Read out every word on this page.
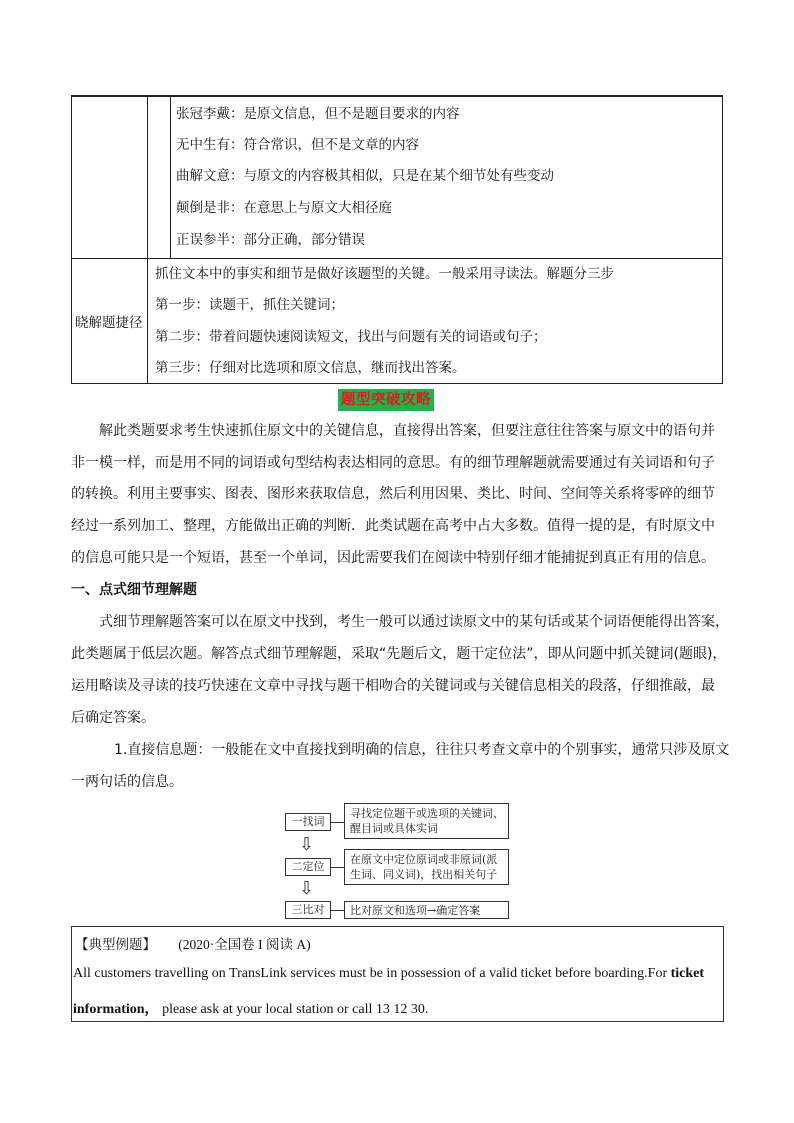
张冠李戴：是原文信息，但不是题目要求的内容
无中生有：符合常识，但不是文章的内容
曲解文意：与原文的内容极其相似，只是在某个细节处有些变动
颠倒是非：在意思上与原文大相径庭
正误参半：部分正确，部分错误
晓解题捷径
抓住文本中的事实和细节是做好该题型的关键。一般采用寻读法。解题分三步
第一步：读题干，抓住关键词；
第二步：带着问题快速阅读短文，找出与问题有关的词语或句子；
第三步：仔细对比选项和原文信息，继而找出答案。
题型突破攻略
解此类题要求考生快速抓住原文中的关键信息，直接得出答案，但要注意往往答案与原文中的语句并
非一模一样，而是用不同的词语或句型结构表达相同的意思。有的细节理解题就需要通过有关词语和句子
的转换。利用主要事实、图表、图形来获取信息，然后利用因果、类比、时间、空间等关系将零碎的细节
经过一系列加工、整理，方能做出正确的判断．此类试题在高考中占大多数。值得一提的是，有时原文中
的信息可能只是一个短语，甚至一个单词，因此需要我们在阅读中特别仔细才能捕捉到真正有用的信息。
一、点式细节理解题
式细节理解题答案可以在原文中找到，考生一般可以通过读原文中的某句话或某个词语便能得出答案，
此类题属于低层次题。解答点式细节理解题，采取“先题后文，题干定位法”，即从问题中抓关键词(题眼)，
运用略读及寻读的技巧快速在文章中寻找与题干相吻合的关键词或与关键信息相关的段落，仔细推敲，最
后确定答案。
1.直接信息题：一般能在文中直接找到明确的信息，往往只考查文章中的个别事实，通常只涉及原文
一两句话的信息。
一找词
寻找定位题干或选项的关键词、
醒目词或具体实词
⇩
二定位
在原文中定位原词或非原词(派
生词、同义词)，找出相关句子
⇩
三比对	比对原文和选项→确定答案
【典型例题】 (2020·全国卷 I 阅读 A)
All customers travelling on TransLink services must be in possession of a valid ticket before boarding.For ticket
information， please ask at your local station or call 13 12 30.
